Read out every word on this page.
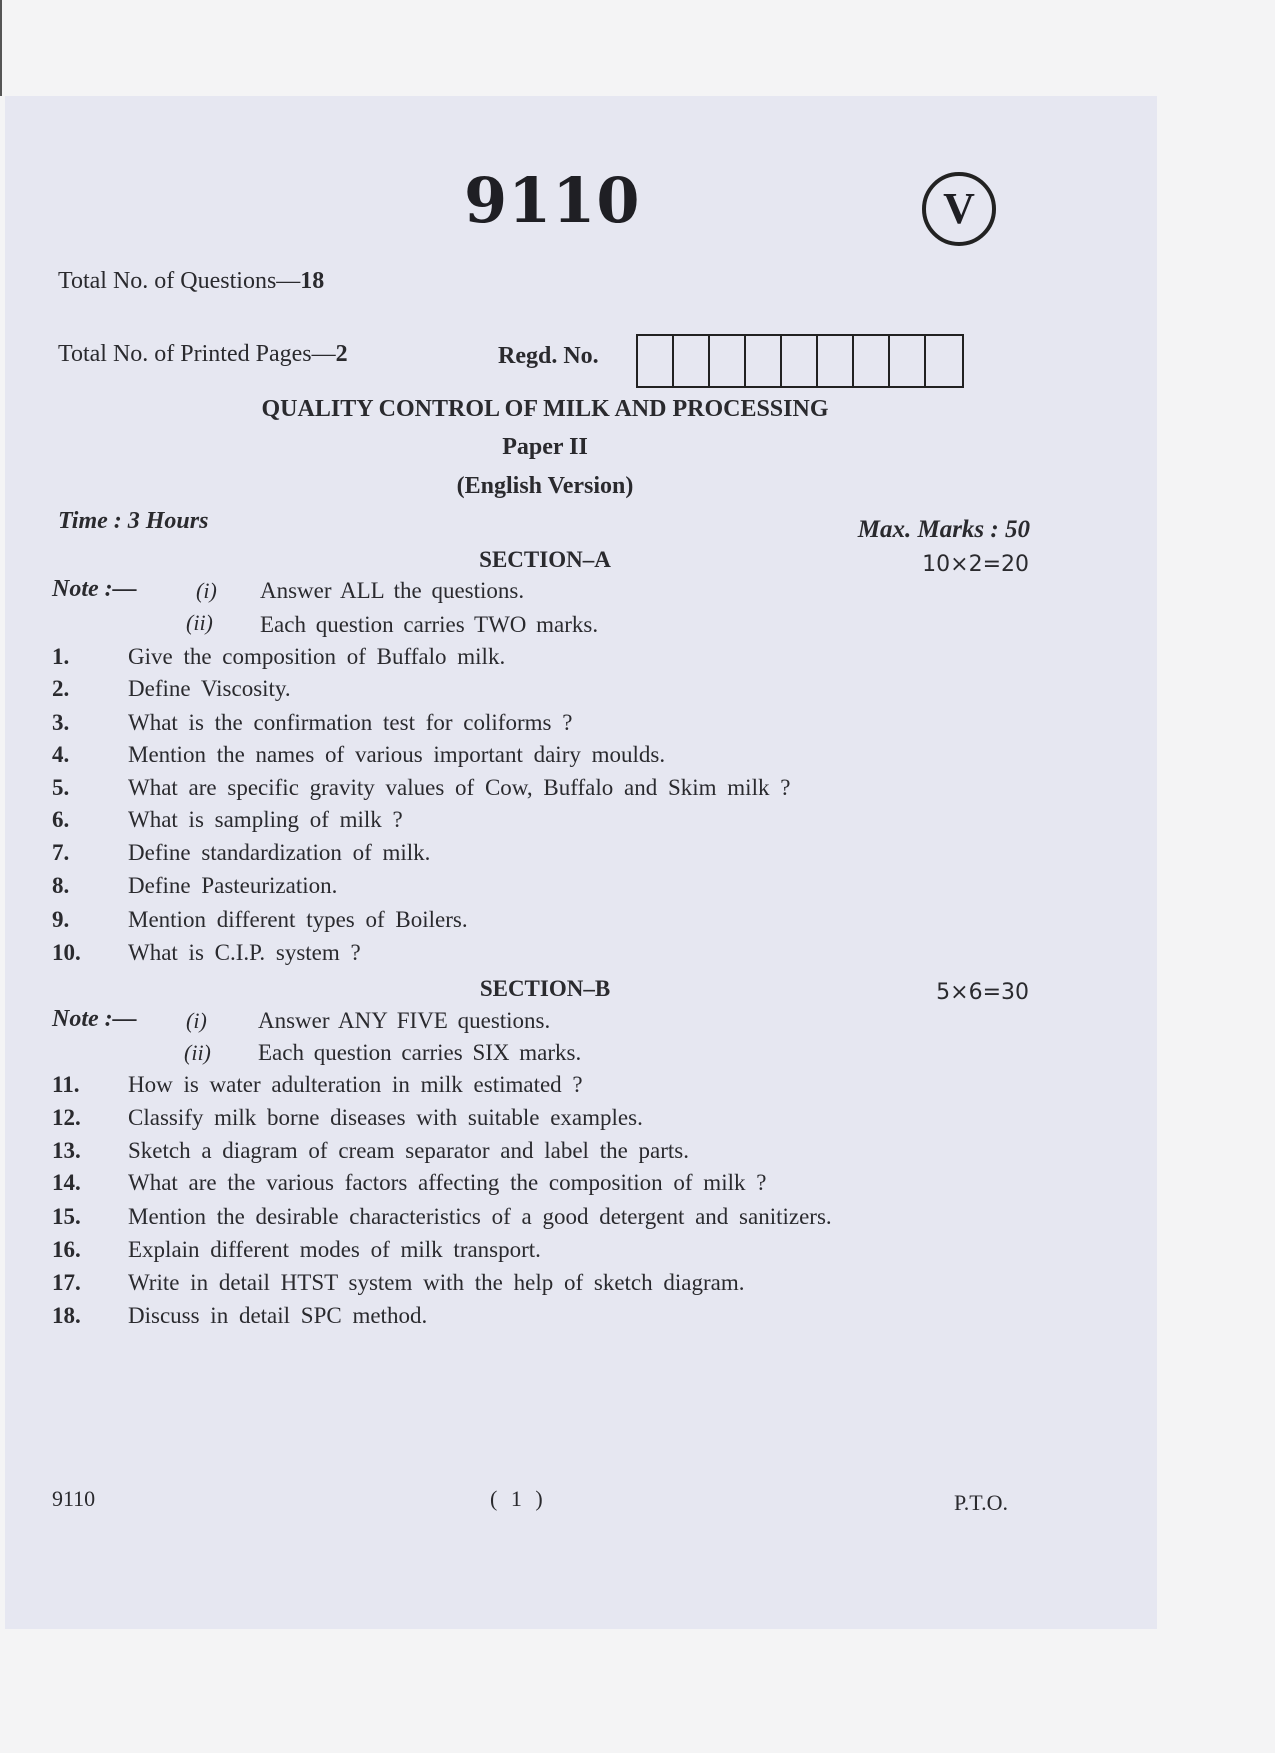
9110	V
Total No. of Questions—18
Total No. of Printed Pages—2	Regd. No.
QUALITY CONTROL OF MILK AND PROCESSING
Paper II
(English Version)
Time : 3 Hours	Max. Marks : 50
SECTION–A	10×2=20
Note :—	(i) Answer ALL the questions.
(ii) Each question carries TWO marks.
1.	Give the composition of Buffalo milk.
2.	Define Viscosity.
3.	What is the confirmation test for coliforms ?
4.	Mention the names of various important dairy moulds.
5.	What are specific gravity values of Cow, Buffalo and Skim milk ?
6.	What is sampling of milk ?
7.	Define standardization of milk.
8.	Define Pasteurization.
9.	Mention different types of Boilers.
10. What is C.I.P. system ?
SECTION–B	5×6=30
Note :— (i) Answer ANY FIVE questions.
(ii) Each question carries SIX marks.
11. How is water adulteration in milk estimated ?
12. Classify milk borne diseases with suitable examples.
13. Sketch a diagram of cream separator and label the parts.
14. What are the various factors affecting the composition of milk ?
15. Mention the desirable characteristics of a good detergent and sanitizers.
16. Explain different modes of milk transport.
17. Write in detail HTST system with the help of sketch diagram.
18. Discuss in detail SPC method.
9110	( 1 )	P.T.O.
